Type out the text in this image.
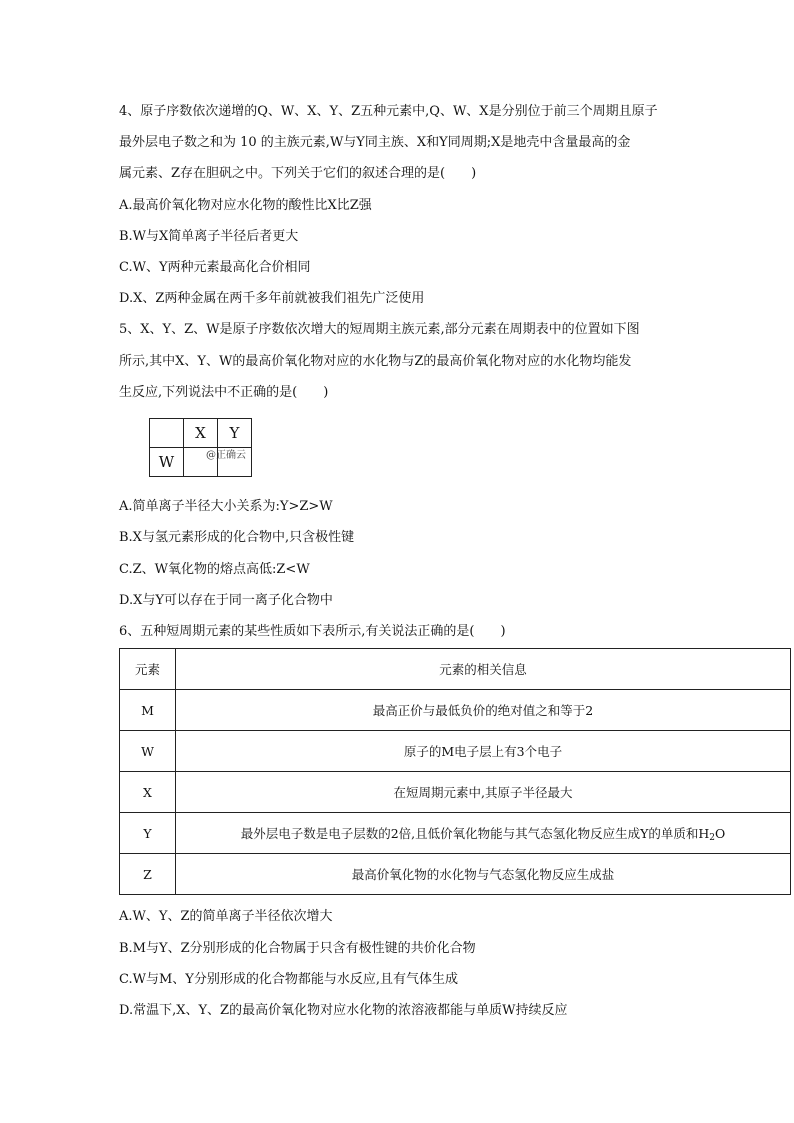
4、原子序数依次递增的Q、W、X、Y、Z五种元素中,Q、W、X是分别位于前三个周期且原子
最外层电子数之和为 10 的主族元素,W与Y同主族、X和Y同周期;X是地壳中含量最高的金
属元素、Z存在胆矾之中。下列关于它们的叙述合理的是(　　)
A.最高价氧化物对应水化物的酸性比X比Z强
B.W与X简单离子半径后者更大
C.W、Y两种元素最高化合价相同
D.X、Z两种金属在两千多年前就被我们祖先广泛使用
5、X、Y、Z、W是原子序数依次增大的短周期主族元素,部分元素在周期表中的位置如下图
所示,其中X、Y、W的最高价氧化物对应的水化物与Z的最高价氧化物对应的水化物均能发
生反应,下列说法中不正确的是(　　)
	X	Y
W			@正确云
A.简单离子半径大小关系为:Y>Z>W
B.X与氢元素形成的化合物中,只含极性键
C.Z、W氧化物的熔点高低:Z<W
D.X与Y可以存在于同一离子化合物中
6、五种短周期元素的某些性质如下表所示,有关说法正确的是(　　)
元素	元素的相关信息
M	最高正价与最低负价的绝对值之和等于2
W	原子的M电子层上有3个电子
X	在短周期元素中,其原子半径最大
Y	最外层电子数是电子层数的2倍,且低价氧化物能与其气态氢化物反应生成Y的单质和$H_2O$
Z	最高价氧化物的水化物与气态氢化物反应生成盐
A.W、Y、Z的简单离子半径依次增大
B.M与Y、Z分别形成的化合物属于只含有极性键的共价化合物
C.W与M、Y分别形成的化合物都能与水反应,且有气体生成
D.常温下,X、Y、Z的最高价氧化物对应水化物的浓溶液都能与单质W持续反应
